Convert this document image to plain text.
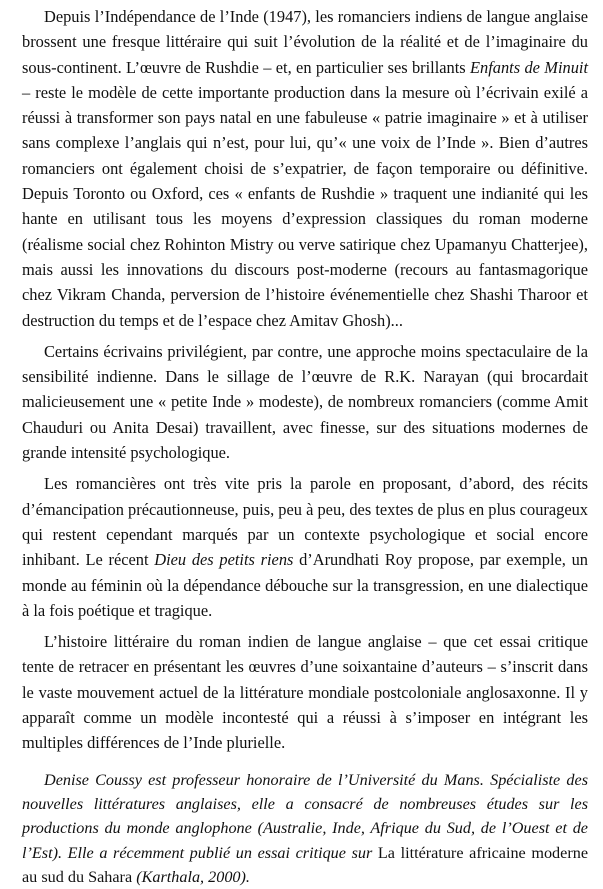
Depuis l’Indépendance de l’Inde (1947), les romanciers indiens de langue anglaise brossent une fresque littéraire qui suit l’évolution de la réalité et de l’imaginaire du sous-continent. L’œuvre de Rushdie – et, en particulier ses brillants Enfants de Minuit – reste le modèle de cette importante production dans la mesure où l’écrivain exilé a réussi à transformer son pays natal en une fabuleuse « patrie imaginaire » et à utiliser sans complexe l’anglais qui n’est, pour lui, qu’« une voix de l’Inde ». Bien d’autres romanciers ont également choisi de s’expatrier, de façon temporaire ou définitive. Depuis Toronto ou Oxford, ces « enfants de Rushdie » traquent une indianité qui les hante en utilisant tous les moyens d’expression classiques du roman moderne (réalisme social chez Rohinton Mistry ou verve satirique chez Upamanyu Chatterjee), mais aussi les innovations du discours post-moderne (recours au fantasmagorique chez Vikram Chanda, perversion de l’histoire événementielle chez Shashi Tharoor et destruction du temps et de l’espace chez Amitav Ghosh)...

Certains écrivains privilégient, par contre, une approche moins spectaculaire de la sensibilité indienne. Dans le sillage de l’œuvre de R.K. Narayan (qui brocardait malicieusement une « petite Inde » modeste), de nombreux romanciers (comme Amit Chauduri ou Anita Desai) travaillent, avec finesse, sur des situations modernes de grande intensité psychologique.

Les romancières ont très vite pris la parole en proposant, d’abord, des récits d’émancipation précautionneuse, puis, peu à peu, des textes de plus en plus courageux qui restent cependant marqués par un contexte psychologique et social encore inhibant. Le récent Dieu des petits riens d’Arundhati Roy propose, par exemple, un monde au féminin où la dépendance débouche sur la transgression, en une dialectique à la fois poétique et tragique.

L’histoire littéraire du roman indien de langue anglaise – que cet essai critique tente de retracer en présentant les œuvres d’une soixantaine d’auteurs – s’inscrit dans le vaste mouvement actuel de la littérature mondiale postcoloniale anglosaxonne. Il y apparaît comme un modèle incontesté qui a réussi à s’imposer en intégrant les multiples différences de l’Inde plurielle.

Denise Coussy est professeur honoraire de l’Université du Mans. Spécialiste des nouvelles littératures anglaises, elle a consacré de nombreuses études sur les productions du monde anglophone (Australie, Inde, Afrique du Sud, de l’Ouest et de l’Est). Elle a récemment publié un essai critique sur La littérature africaine moderne au sud du Sahara (Karthala, 2000).
